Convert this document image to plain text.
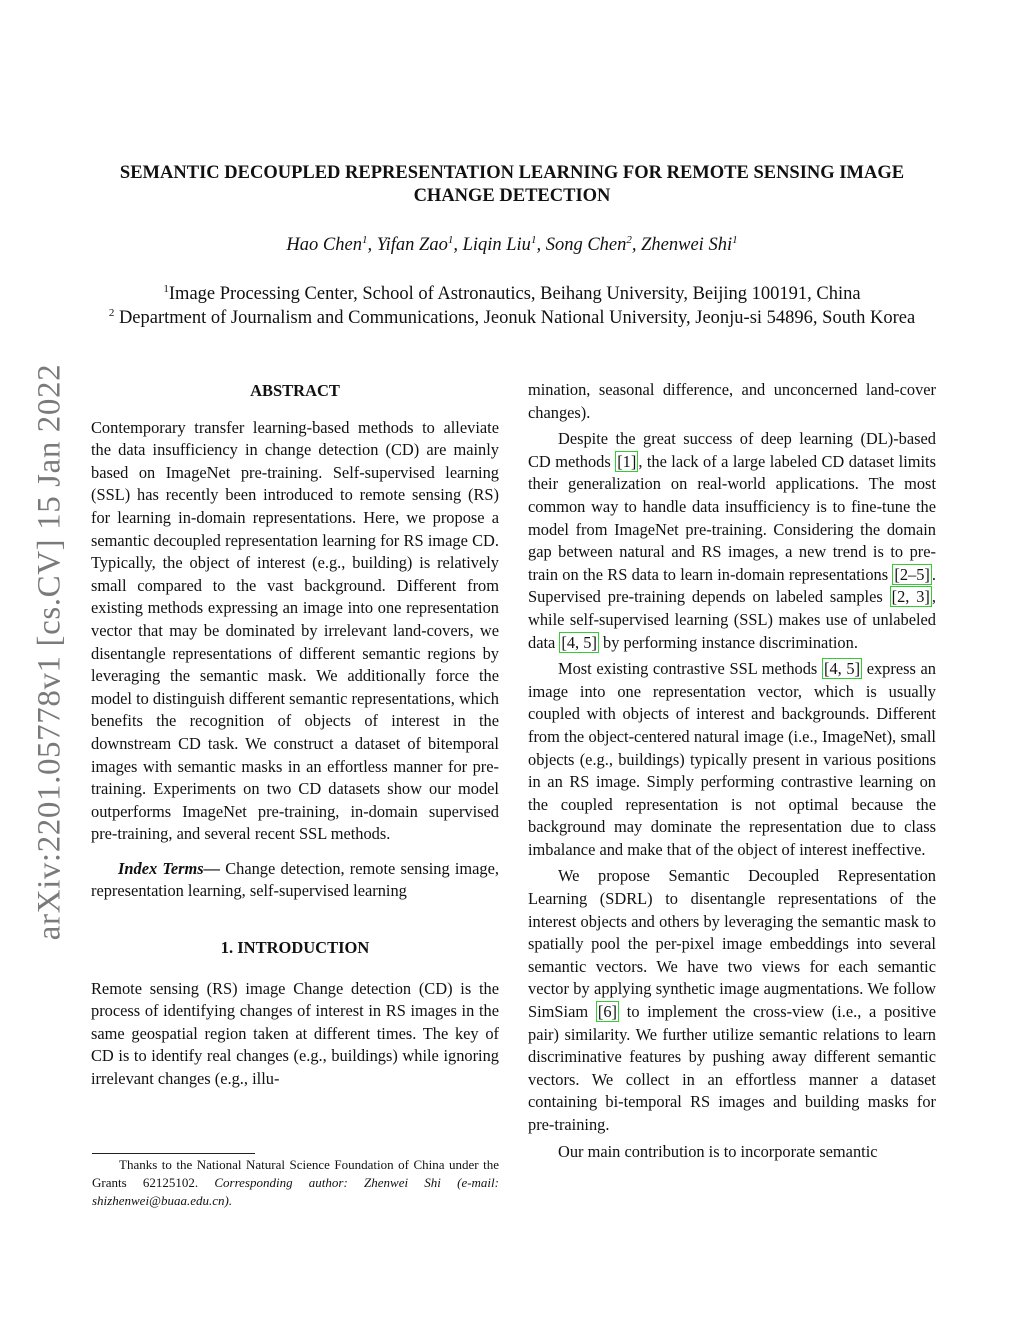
arXiv:2201.05778v1 [cs.CV] 15 Jan 2022
SEMANTIC DECOUPLED REPRESENTATION LEARNING FOR REMOTE SENSING IMAGE
CHANGE DETECTION
Hao Chen$^1$, Yifan Zao$^1$, Liqin Liu$^1$, Song Chen$^2$, Zhenwei Shi$^1$
$^1$Image Processing Center, School of Astronautics, Beihang University, Beijing 100191, China
$^2$ Department of Journalism and Communications, Jeonuk National University, Jeonju-si 54896, South Korea
ABSTRACT

Contemporary transfer learning-based methods to alleviate the data insufficiency in change detection (CD) are mainly based on ImageNet pre-training. Self-supervised learning (SSL) has recently been introduced to remote sensing (RS) for learning in-domain representations. Here, we propose a semantic decoupled representation learning for RS image CD. Typically, the object of interest (e.g., building) is relatively small compared to the vast background. Different from existing methods expressing an image into one representation vector that may be dominated by irrelevant land-covers, we disentangle representations of different semantic regions by leveraging the semantic mask. We additionally force the model to distinguish different semantic representations, which benefits the recognition of objects of interest in the downstream CD task. We construct a dataset of bitemporal images with semantic masks in an effortless manner for pre-training. Experiments on two CD datasets show our model outperforms ImageNet pre-training, in-domain supervised pre-training, and several recent SSL methods.

Index Terms— Change detection, remote sensing image, representation learning, self-supervised learning

1. INTRODUCTION

Remote sensing (RS) image Change detection (CD) is the process of identifying changes of interest in RS images in the same geospatial region taken at different times. The key of CD is to identify real changes (e.g., buildings) while ignoring irrelevant changes (e.g., illu-

Thanks to the National Natural Science Foundation of China under the Grants 62125102. Corresponding author: Zhenwei Shi (e-mail: shizhenwei@buaa.edu.cn).

mination, seasonal difference, and unconcerned land-cover changes).

Despite the great success of deep learning (DL)-based CD methods [1] , the lack of a large labeled CD dataset limits their generalization on real-world applications. The most common way to handle data insufficiency is to fine-tune the model from ImageNet pre-training. Considering the domain gap between natural and RS images, a new trend is to pre-train on the RS data to learn in-domain representations [2–5] . Supervised pre-training depends on labeled samples [2, 3] , while self-supervised learning (SSL) makes use of unlabeled data [4, 5] by performing instance discrimination.

Most existing contrastive SSL methods [4, 5] express an image into one representation vector, which is usually coupled with objects of interest and backgrounds. Different from the object-centered natural image (i.e., ImageNet), small objects (e.g., buildings) typically present in various positions in an RS image. Simply performing contrastive learning on the coupled representation is not optimal because the background may dominate the representation due to class imbalance and make that of the object of interest ineffective.

We propose Semantic Decoupled Representation Learning (SDRL) to disentangle representations of the interest objects and others by leveraging the semantic mask to spatially pool the per-pixel image embeddings into several semantic vectors. We have two views for each semantic vector by applying synthetic image augmentations. We follow SimSiam [6] to implement the cross-view (i.e., a positive pair) similarity. We further utilize semantic relations to learn discriminative features by pushing away different semantic vectors. We collect in an effortless manner a dataset containing bi-temporal RS images and building masks for pre-training.

Our main contribution is to incorporate semantic
